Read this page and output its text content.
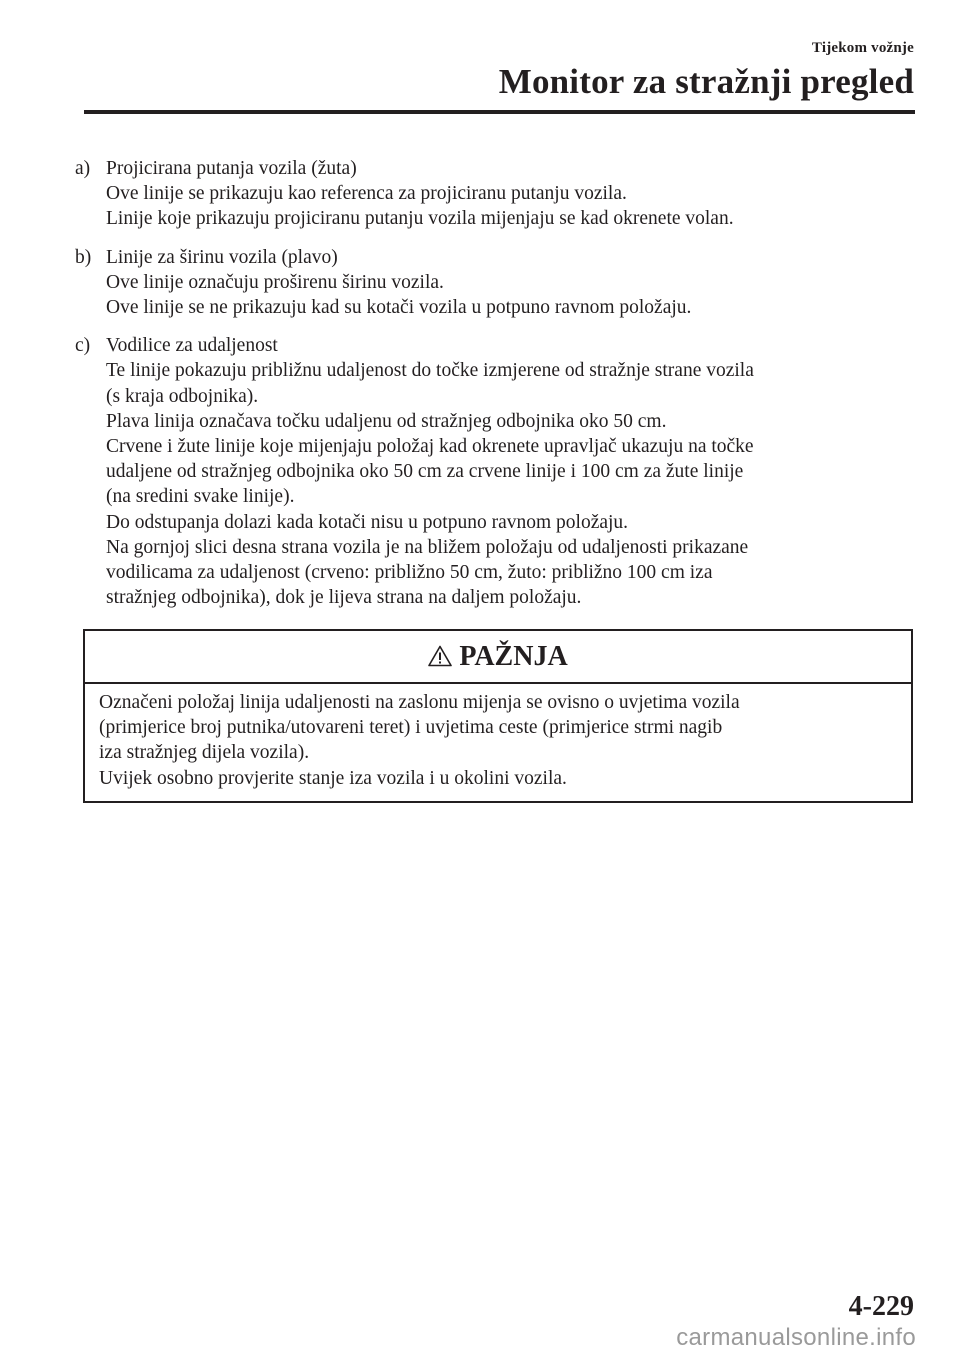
Tijekom vožnje
Monitor za stražnji pregled
a) Projicirana putanja vozila (žuta)
Ove linije se prikazuju kao referenca za projiciranu putanju vozila.
Linije koje prikazuju projiciranu putanju vozila mijenjaju se kad okrenete volan.
b) Linije za širinu vozila (plavo)
Ove linije označuju proširenu širinu vozila.
Ove linije se ne prikazuju kad su kotači vozila u potpuno ravnom položaju.
c) Vodilice za udaljenost
Te linije pokazuju približnu udaljenost do točke izmjerene od stražnje strane vozila
(s kraja odbojnika).
Plava linija označava točku udaljenu od stražnjeg odbojnika oko 50 cm.
Crvene i žute linije koje mijenjaju položaj kad okrenete upravljač ukazuju na točke
udaljene od stražnjeg odbojnika oko 50 cm za crvene linije i 100 cm za žute linije
(na sredini svake linije).
Do odstupanja dolazi kada kotači nisu u potpuno ravnom položaju.
Na gornjoj slici desna strana vozila je na bližem položaju od udaljenosti prikazane
vodilicama za udaljenost (crveno: približno 50 cm, žuto: približno 100 cm iza
stražnjeg odbojnika), dok je lijeva strana na daljem položaju.
PAŽNJA
Označeni položaj linija udaljenosti na zaslonu mijenja se ovisno o uvjetima vozila
(primjerice broj putnika/utovareni teret) i uvjetima ceste (primjerice strmi nagib
iza stražnjeg dijela vozila).
Uvijek osobno provjerite stanje iza vozila i u okolini vozila.
4-229
carmanualsonline.info
